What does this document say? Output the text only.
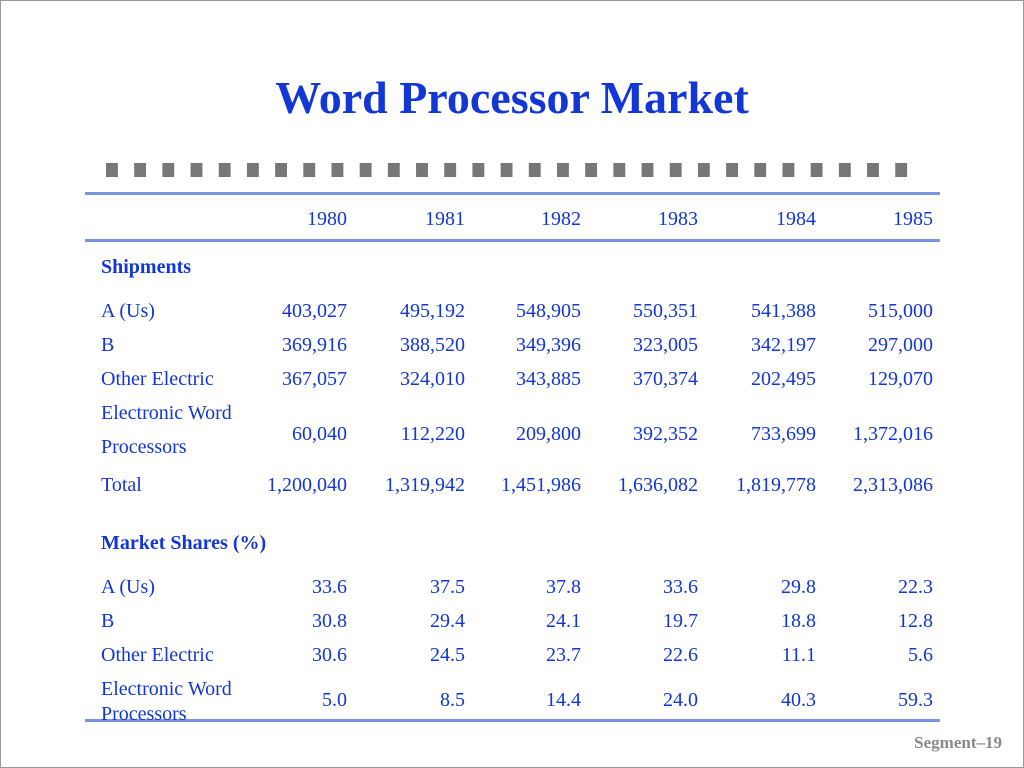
Word Processor Market
1980	1981	1982	1983	1984	1985
Shipments
A (Us)	403,027	495,192	548,905	550,351	541,388	515,000
B	369,916	388,520	349,396	323,005	342,197	297,000
Other Electric	367,057	324,010	343,885	370,374	202,495	129,070
Electronic Word
Processors
60,040	112,220	209,800	392,352	733,699	1,372,016
Total	1,200,040	1,319,942	1,451,986	1,636,082	1,819,778	2,313,086
Market Shares (%)
A (Us)	33.6	37.5	37.8	33.6	29.8	22.3
B	30.8	29.4	24.1	19.7	18.8	12.8
Other Electric	30.6	24.5	23.7	22.6	11.1	5.6
Electronic Word
Processors
5.0	8.5	14.4	24.0	40.3	59.3
Segment–19
